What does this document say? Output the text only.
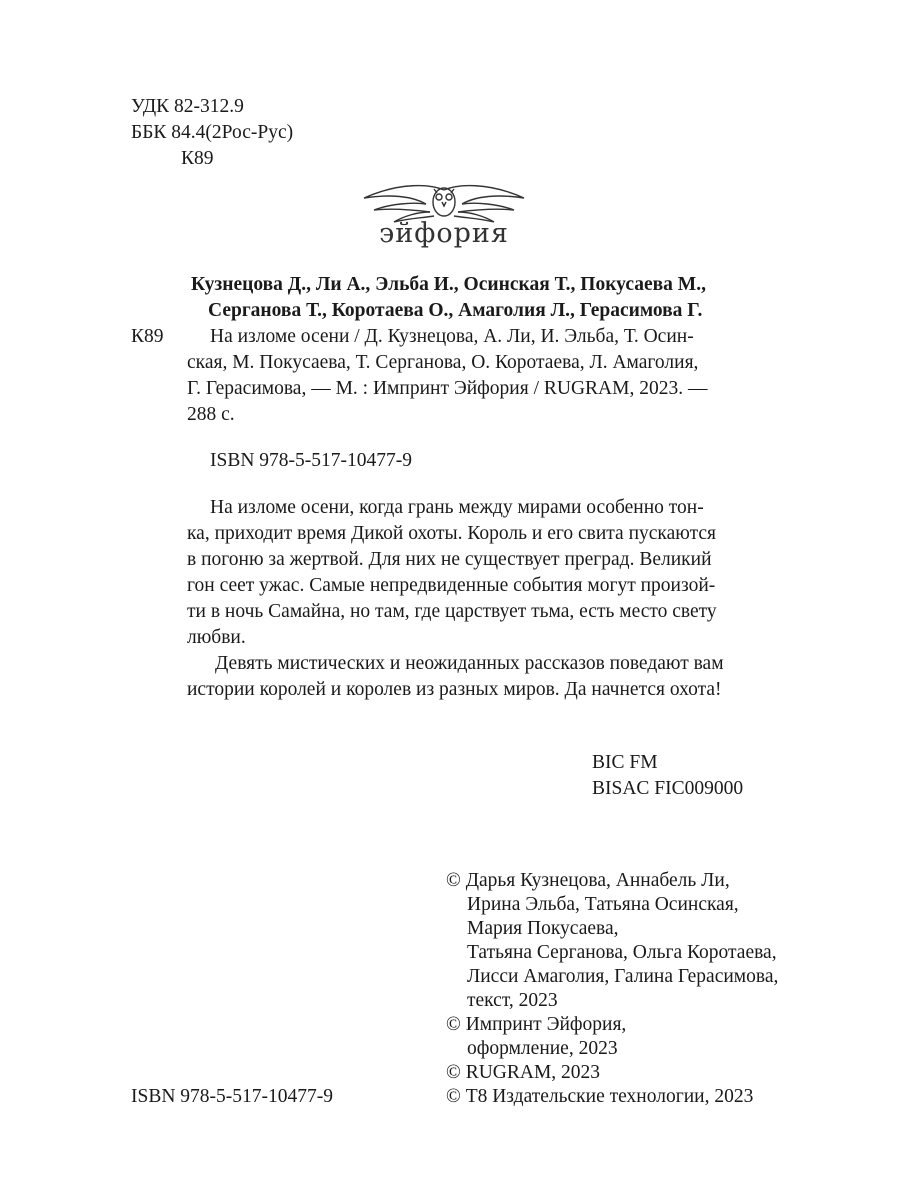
УДК 82-312.9
ББК 84.4(2Рос-Рус)
К89
эйфория
Кузнецова Д., Ли А., Эльба И., Осинская Т., Покусаева М.,
Серганова Т., Коротаева О., Амаголия Л., Герасимова Г.
К89 На изломе осени / Д. Кузнецова, А. Ли, И. Эльба, Т. Осин-
ская, М. Покусаева, Т. Серганова, О. Коротаева, Л. Амаголия,
Г. Герасимова, — М. : Импринт Эйфория / RUGRAM, 2023. —
288 с.
ISBN 978-5-517-10477-9
На изломе осени, когда грань между мирами особенно тон-
ка, приходит время Дикой охоты. Король и его свита пускаются
в погоню за жертвой. Для них не существует преград. Великий
гон сеет ужас. Самые непредвиденные события могут произой-
ти в ночь Самайна, но там, где царствует тьма, есть место свету
любви.
Девять мистических и неожиданных рассказов поведают вам
истории королей и королев из разных миров. Да начнется охота!
BIC FM
BISAC FIC009000
© Дарья Кузнецова, Аннабель Ли,
Ирина Эльба, Татьяна Осинская,
Мария Покусаева,
Татьяна Серганова, Ольга Коротаева,
Лисси Амаголия, Галина Герасимова,
текст, 2023
© Импринт Эйфория,
оформление, 2023
© RUGRAM, 2023
© Т8 Издательские технологии, 2023
ISBN 978-5-517-10477-9
